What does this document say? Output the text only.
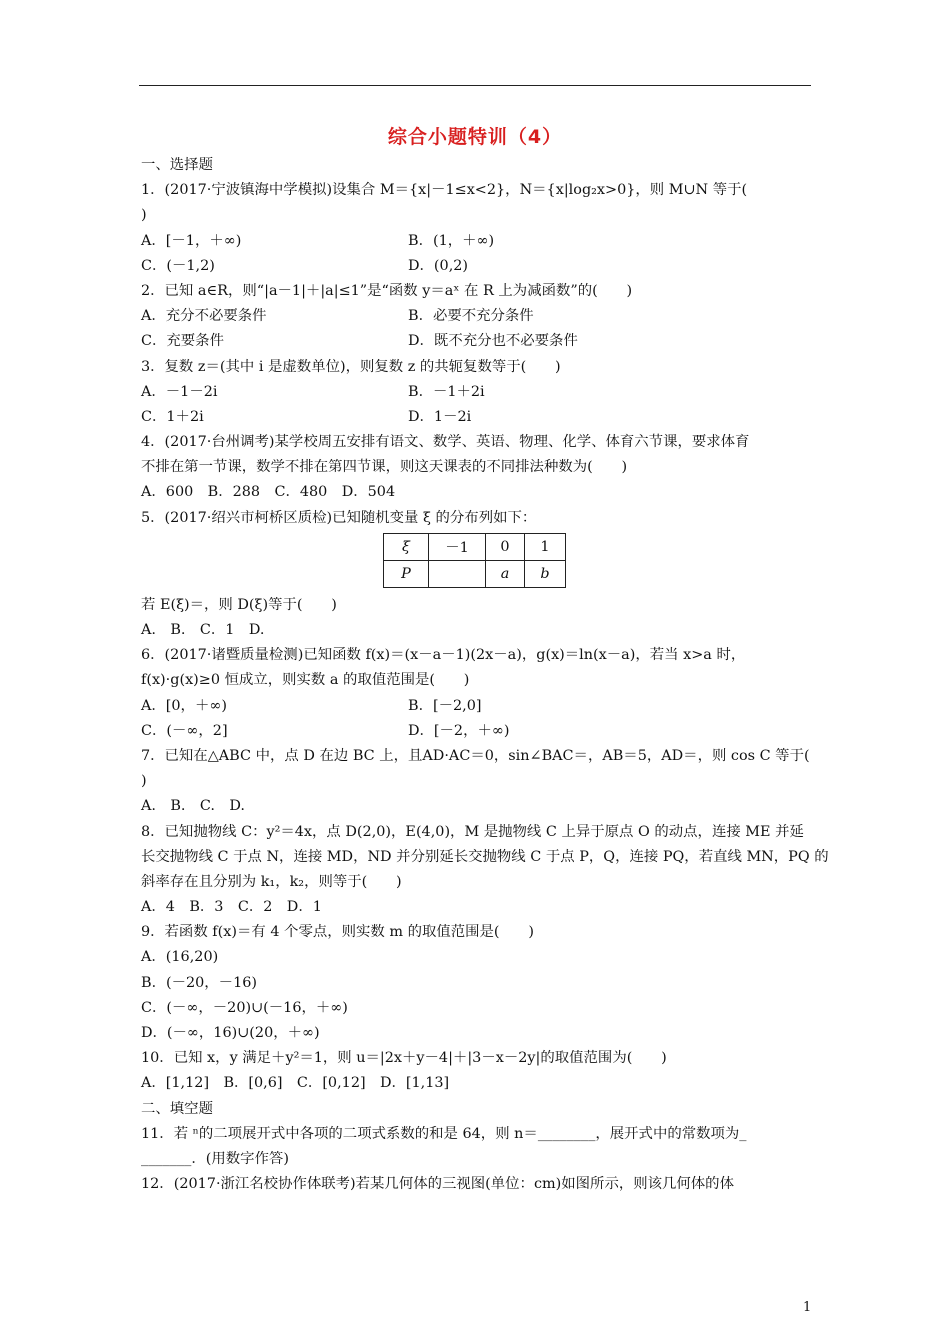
综合小题特训（4）
一、选择题
1．(2017·宁波镇海中学模拟)设集合 M＝{x|－1≤x<2}，N＝{x|log₂x>0}，则 M∪N 等于(
)
A．[－1，＋∞)	B．(1，＋∞)
C．(－1,2)	D．(0,2)
2．已知 a∈R，则“|a－1|＋|a|≤1”是“函数 y＝aˣ 在 R 上为减函数”的(　　)
A．充分不必要条件	B．必要不充分条件
C．充要条件	D．既不充分也不必要条件
3．复数 z＝(其中 i 是虚数单位)，则复数 z 的共轭复数等于(　　)
A．－1－2i	B．－1＋2i
C．1＋2i	D．1－2i
4．(2017·台州调考)某学校周五安排有语文、数学、英语、物理、化学、体育六节课，要求体育
不排在第一节课，数学不排在第四节课，则这天课表的不同排法种数为(　　)
A．600　B．288　C．480　D．504
5．(2017·绍兴市柯桥区质检)已知随机变量 ξ 的分布列如下：
ξ	－1	0	1
P		a	b
若 E(ξ)＝，则 D(ξ)等于(　　)
A.　B.　C．1　D.
6．(2017·诸暨质量检测)已知函数 f(x)＝(x－a－1)(2x－a)，g(x)＝ln(x－a)，若当 x>a 时，
f(x)·g(x)≥0 恒成立，则实数 a 的取值范围是(　　)
A．[0，＋∞)	B．[－2,0]
C．(－∞，2]	D．[－2，＋∞)
7．已知在△ABC 中，点 D 在边 BC 上，且AD·AC＝0，sin∠BAC＝，AB＝5，AD＝，则 cos C 等于(
)
A.　B.　C.　D.
8．已知抛物线 C：y²＝4x，点 D(2,0)，E(4,0)，M 是抛物线 C 上异于原点 O 的动点，连接 ME 并延
长交抛物线 C 于点 N，连接 MD，ND 并分别延长交抛物线 C 于点 P，Q，连接 PQ，若直线 MN，PQ 的
斜率存在且分别为 k₁，k₂，则等于(　　)
A．4　B．3　C．2　D．1
9．若函数 f(x)＝有 4 个零点，则实数 m 的取值范围是(　　)
A．(16,20)
B．(－20，－16)
C．(－∞，－20)∪(－16，＋∞)
D．(－∞，16)∪(20，＋∞)
10．已知 x，y 满足＋y²＝1，则 u＝|2x＋y－4|＋|3－x－2y|的取值范围为(　　)
A．[1,12]　B．[0,6]　C．[0,12]　D．[1,13]
二、填空题
11．若 ⁿ的二项展开式中各项的二项式系数的和是 64，则 n＝________，展开式中的常数项为_
_______．(用数字作答)
12．(2017·浙江名校协作体联考)若某几何体的三视图(单位：cm)如图所示，则该几何体的体
1
